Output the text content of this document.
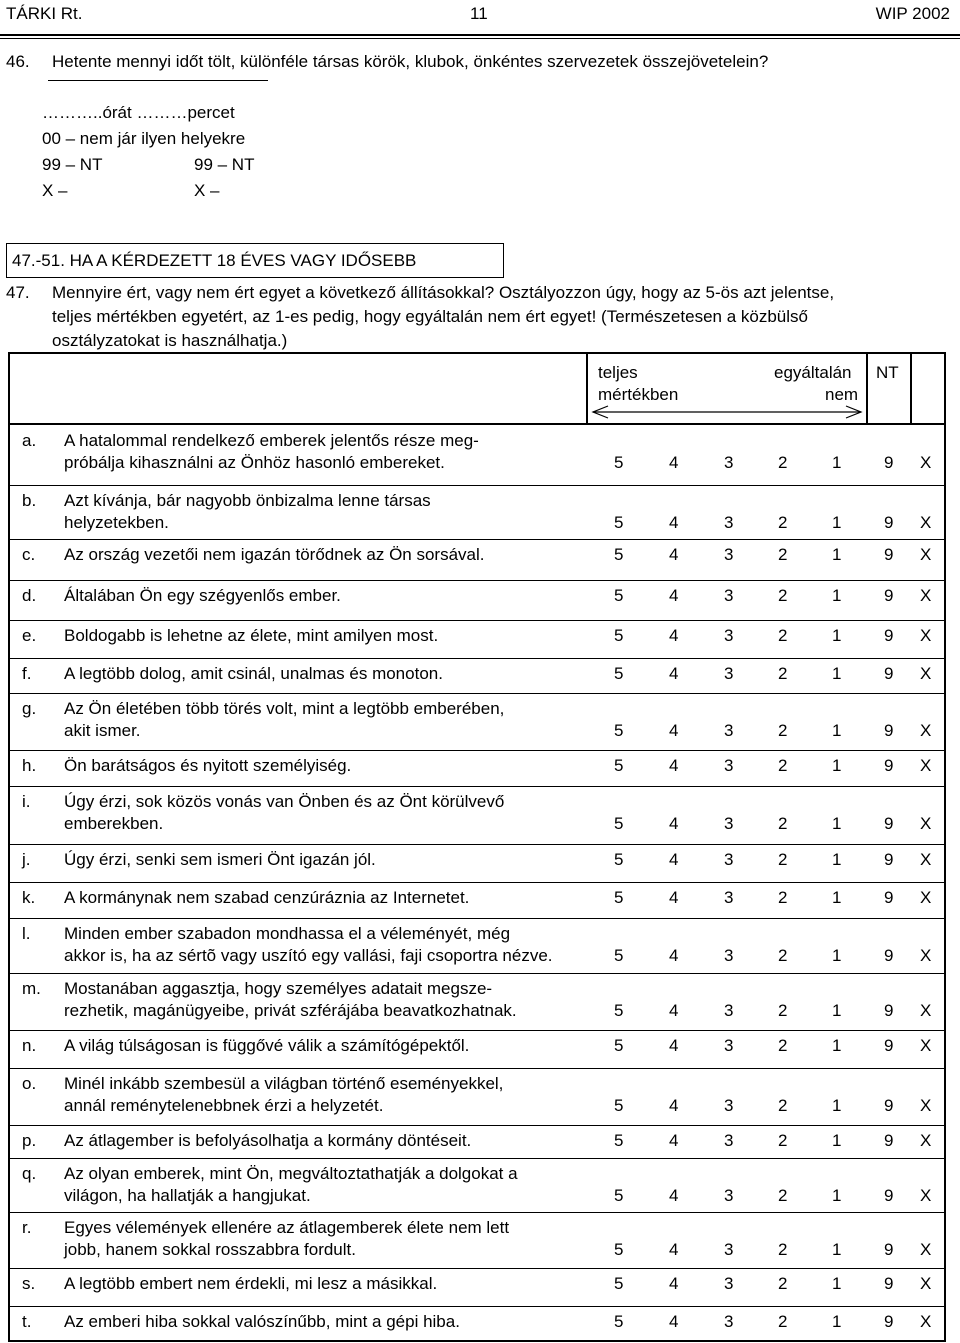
TÁRKI Rt.	11	WIP 2002
46. Hetente mennyi időt tölt, különféle társas körök, klubok, önkéntes szervezetek összejövetelein?
………..órát ………percet
00 – nem jár ilyen helyekre
99 – NT	99 – NT
X –	X –
47.-51. HA A KÉRDEZETT 18 ÉVES VAGY IDŐSEBB
47. Mennyire ért, vagy nem ért egyet a következő állításokkal? Osztályozzon úgy, hogy az 5-ös azt jelentse,
teljes mértékben egyetért, az 1-es pedig, hogy egyáltalán nem ért egyet! (Természetesen a közbülső
osztályzatokat is használhatja.)
teljes
mértékben
egyáltalán
nem
NT
a. A hatalommal rendelkező emberek jelentős része meg-
próbálja kihasználni az Önhöz hasonló embereket.	5	4	3	2	1	9 X
b. Azt kívánja, bár nagyobb önbizalma lenne társas
helyzetekben.	5	4	3	2	1	9 X
c. Az ország vezetői nem igazán törődnek az Ön sorsával.	5	4	3	2	1	9 X
d. Általában Ön egy szégyenlős ember.	5	4	3	2	1	9 X
e. Boldogabb is lehetne az élete, mint amilyen most.	5	4	3	2	1	9 X
f. A legtöbb dolog, amit csinál, unalmas és monoton.	5	4	3	2	1	9 X
g. Az Ön életében több törés volt, mint a legtöbb emberében,
akit ismer.	5	4	3	2	1	9 X
h. Ön barátságos és nyitott személyiség.	5	4	3	2	1	9 X
i. Úgy érzi, sok közös vonás van Önben és az Önt körülvevő
emberekben.	5	4	3	2	1	9 X
j. Úgy érzi, senki sem ismeri Önt igazán jól.	5	4	3	2	1	9 X
k. A kormánynak nem szabad cenzúráznia az Internetet.	5	4	3	2	1	9 X
l. Minden ember szabadon mondhassa el a véleményét, még
akkor is, ha az sértõ vagy uszító egy vallási, faji csoportra nézve.	5	4	3	2	1	9 X
m. Mostanában aggasztja, hogy személyes adatait megsze-
rezhetik, magánügyeibe, privát szférájába beavatkozhatnak.	5	4	3	2	1	9 X
n. A világ túlságosan is függővé válik a számítógépektől.	5	4	3	2	1	9 X
o. Minél inkább szembesül a világban történő eseményekkel,
annál reménytelenebbnek érzi a helyzetét.	5	4	3	2	1	9 X
p. Az átlagember is befolyásolhatja a kormány döntéseit.	5	4	3	2	1	9 X
q. Az olyan emberek, mint Ön, megváltoztathatják a dolgokat a
világon, ha hallatják a hangjukat.	5	4	3	2	1	9 X
r. Egyes vélemények ellenére az átlagemberek élete nem lett
jobb, hanem sokkal rosszabbra fordult.	5	4	3	2	1	9 X
s. A legtöbb embert nem érdekli, mi lesz a másikkal.	5	4	3	2	1	9 X
t. Az emberi hiba sokkal valószínűbb, mint a gépi hiba.	5	4	3	2	1	9 X
